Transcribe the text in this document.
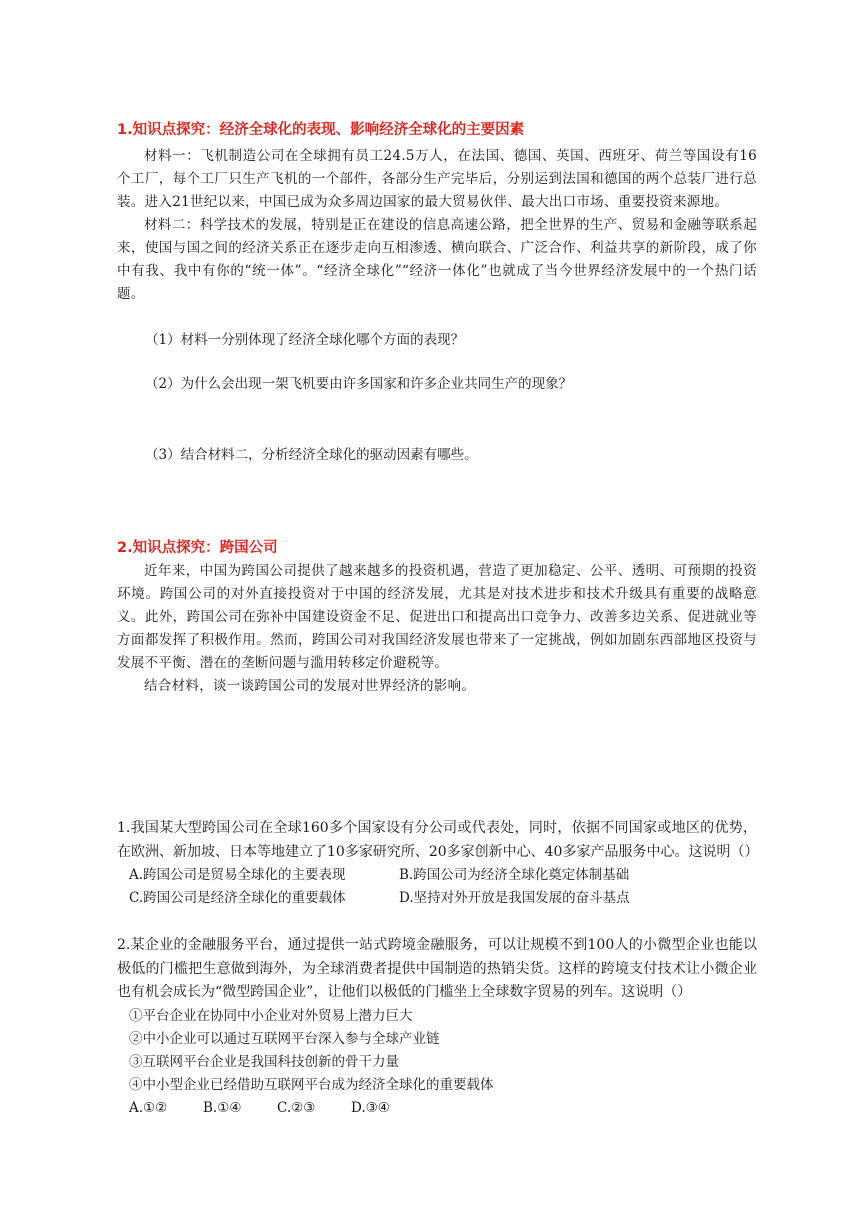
1.知识点探究：经济全球化的表现、影响经济全球化的主要因素

材料一：飞机制造公司在全球拥有员工24.5万人，在法国、德国、英国、西班牙、荷兰等国设有16个工厂，每个工厂只生产飞机的一个部件，各部分生产完毕后，分别运到法国和德国的两个总装厂进行总装。进入21世纪以来，中国已成为众多周边国家的最大贸易伙伴、最大出口市场、重要投资来源地。

材料二：科学技术的发展，特别是正在建设的信息高速公路，把全世界的生产、贸易和金融等联系起来，使国与国之间的经济关系正在逐步走向互相渗透、横向联合、广泛合作、利益共享的新阶段，成了你中有我、我中有你的“统一体”。“经济全球化”“经济一体化”也就成了当今世界经济发展中的一个热门话题。

（1）材料一分别体现了经济全球化哪个方面的表现？

（2）为什么会出现一架飞机要由许多国家和许多企业共同生产的现象？

（3）结合材料二，分析经济全球化的驱动因素有哪些。

2.知识点探究：跨国公司

近年来，中国为跨国公司提供了越来越多的投资机遇，营造了更加稳定、公平、透明、可预期的投资环境。跨国公司的对外直接投资对于中国的经济发展，尤其是对技术进步和技术升级具有重要的战略意义。此外，跨国公司在弥补中国建设资金不足、促进出口和提高出口竞争力、改善多边关系、促进就业等方面都发挥了积极作用。然而，跨国公司对我国经济发展也带来了一定挑战，例如加剧东西部地区投资与发展不平衡、潜在的垄断问题与滥用转移定价避税等。

结合材料，谈一谈跨国公司的发展对世界经济的影响。

1.我国某大型跨国公司在全球160多个国家设有分公司或代表处，同时，依据不同国家或地区的优势，在欧洲、新加坡、日本等地建立了10多家研究所、20多家创新中心、40多家产品服务中心。这说明（）

A.跨国公司是贸易全球化的主要表现	B.跨国公司为经济全球化奠定体制基础
C.跨国公司是经济全球化的重要载体	D.坚持对外开放是我国发展的奋斗基点

2.某企业的金融服务平台，通过提供一站式跨境金融服务，可以让规模不到100人的小微型企业也能以极低的门槛把生意做到海外，为全球消费者提供中国制造的热销尖货。这样的跨境支付技术让小微企业也有机会成长为“微型跨国企业”，让他们以极低的门槛坐上全球数字贸易的列车。这说明（）

①平台企业在协同中小企业对外贸易上潜力巨大

②中小企业可以通过互联网平台深入参与全球产业链

③互联网平台企业是我国科技创新的骨干力量

④中小型企业已经借助互联网平台成为经济全球化的重要载体

A.①②	B.①④	C.②③	D.③④
